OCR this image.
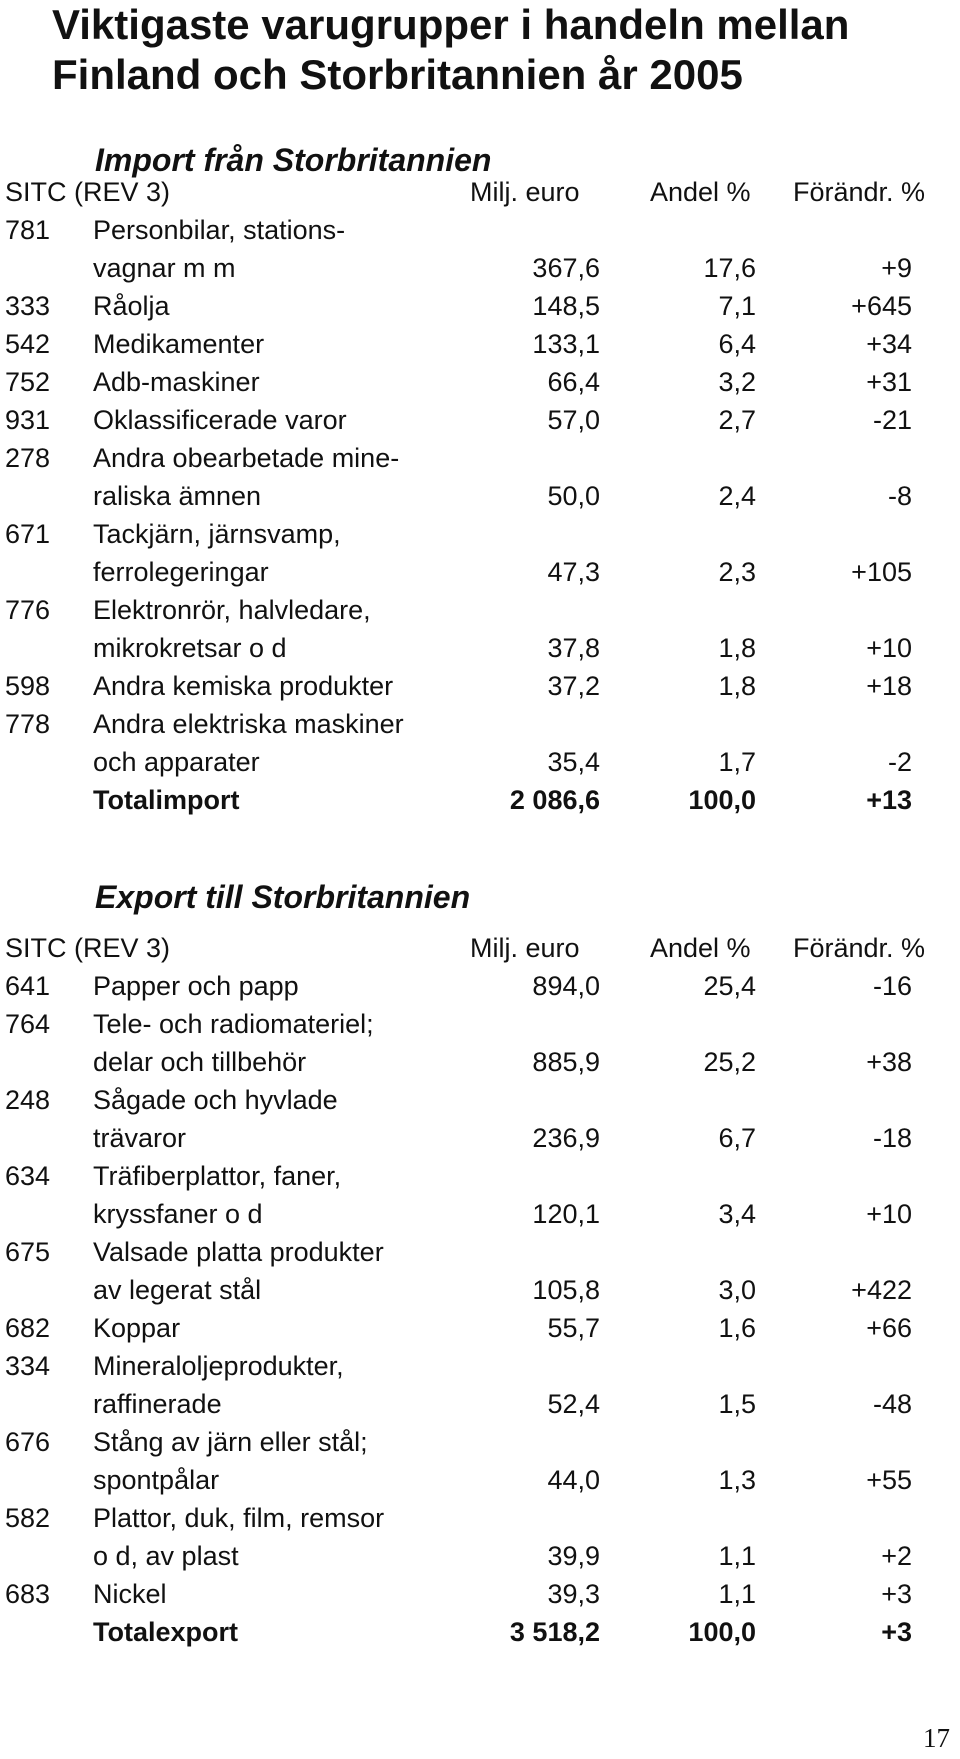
Viktigaste varugrupper i handeln mellan
Finland och Storbritannien år 2005
Import från Storbritannien
SITC (REV 3)	Milj. euro	Andel % Förändr. %
781 Personbilar, stations-
vagnar m m	367,6	17,6	+9
333 Råolja	148,5	7,1	+645
542 Medikamenter	133,1	6,4	+34
752 Adb-maskiner	66,4	3,2	+31
931 Oklassificerade varor	57,0	2,7	-21
278 Andra obearbetade mine-
raliska ämnen	50,0	2,4	-8
671 Tackjärn, järnsvamp,
ferrolegeringar	47,3	2,3	+105
776 Elektronrör, halvledare,
mikrokretsar o d	37,8	1,8	+10
598 Andra kemiska produkter	37,2	1,8	+18
778 Andra elektriska maskiner
och apparater	35,4	1,7	-2
Totalimport	2 086,6	100,0	+13
Export till Storbritannien
SITC (REV 3)	Milj. euro	Andel % Förändr. %
641 Papper och papp	894,0	25,4	-16
764 Tele- och radiomateriel;
delar och tillbehör	885,9	25,2	+38
248 Sågade och hyvlade
trävaror	236,9	6,7	-18
634 Träfiberplattor, faner,
kryssfaner o d	120,1	3,4	+10
675 Valsade platta produkter
av legerat stål	105,8	3,0	+422
682 Koppar	55,7	1,6	+66
334 Mineraloljeprodukter,
raffinerade	52,4	1,5	-48
676 Stång av järn eller stål;
spontpålar	44,0	1,3	+55
582 Plattor, duk, film, remsor
o d, av plast	39,9	1,1	+2
683 Nickel	39,3	1,1	+3
Totalexport	3 518,2	100,0	+3
17
